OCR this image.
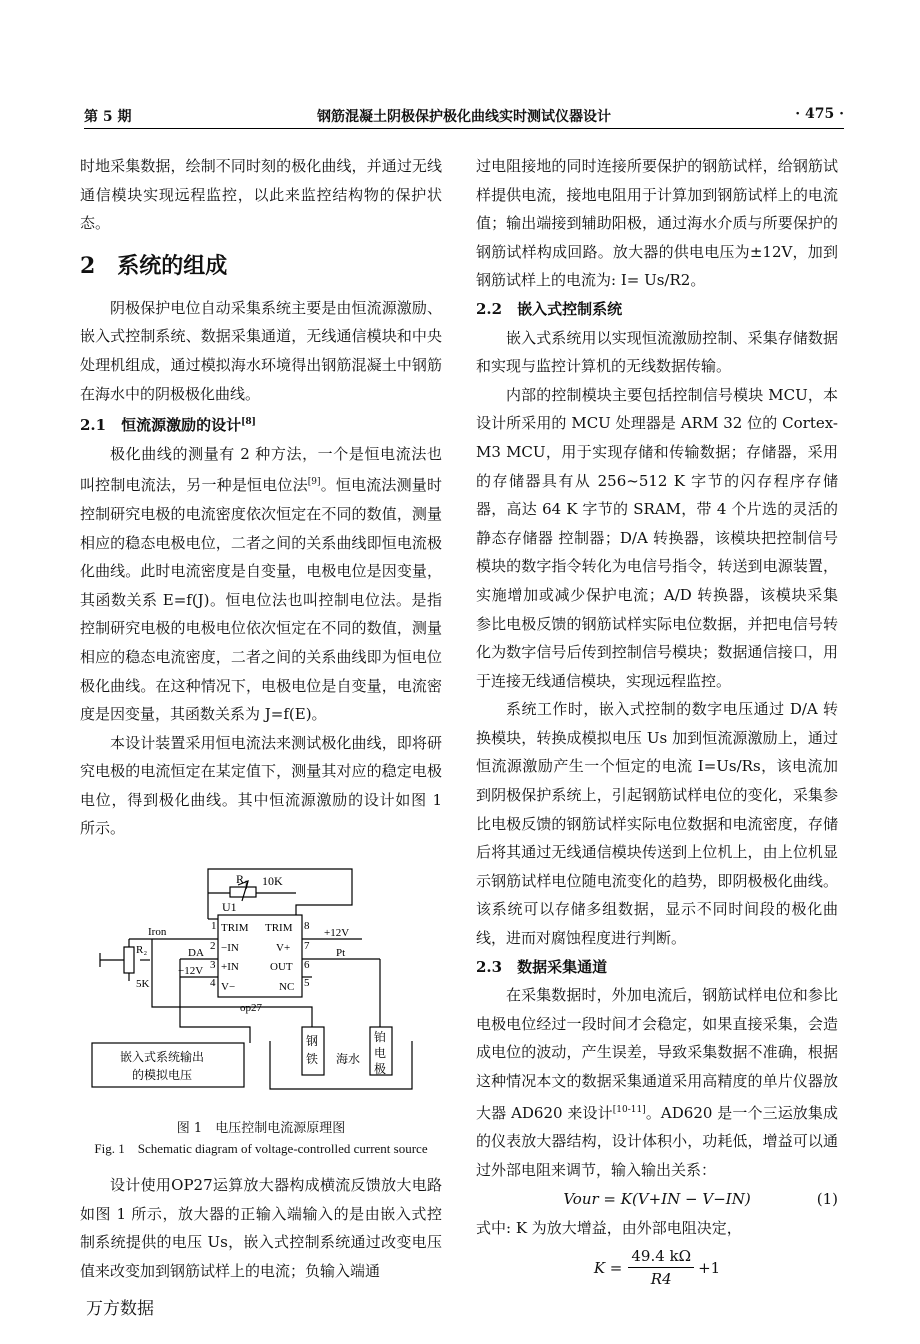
第 5 期	钢筋混凝土阴极保护极化曲线实时测试仪器设计	· 475 ·

时地采集数据，绘制不同时刻的极化曲线，并通过无线通信模块实现远程监控，以此来监控结构物的保护状态。

2　系统的组成

阴极保护电位自动采集系统主要是由恒流源激励、嵌入式控制系统、数据采集通道，无线通信模块和中央处理机组成，通过模拟海水环境得出钢筋混凝土中钢筋在海水中的阴极极化曲线。

2.1　恒流源激励的设计[8]

极化曲线的测量有 2 种方法，一个是恒电流法也叫控制电流法，另一种是恒电位法[9]。恒电流法测量时控制研究电极的电流密度依次恒定在不同的数值，测量相应的稳态电极电位，二者之间的关系曲线即恒电流极化曲线。此时电流密度是自变量，电极电位是因变量，其函数关系 E=f(J)。恒电位法也叫控制电位法。是指控制研究电极的电极电位依次恒定在不同的数值，测量相应的稳态电流密度，二者之间的关系曲线即为恒电位极化曲线。在这种情况下，电极电位是自变量，电流密度是因变量，其函数关系为 J=f(E)。

本设计装置采用恒电流法来测试极化曲线，即将研究电极的电流恒定在某定值下，测量其对应的稳定电极电位，得到极化曲线。其中恒流源激励的设计如图 1 所示。

R₁ 10K
U1
1	8
TRIM TRIM
2 −IN	V+ 7
+12V
Iron
R₂
5K
DA
3 +IN	OUT 6
Pt
−12V
4 V−	NC 5
op27
嵌入式系统输出
的模拟电压
钢
铁 海水
铂
电
极
图 1　电压控制电流源原理图
Fig. 1　Schematic diagram of voltage-controlled current source

设计使用OP27运算放大器构成横流反馈放大电路如图 1 所示，放大器的正输入端输入的是由嵌入式控制系统提供的电压 Us，嵌入式控制系统通过改变电压值来改变加到钢筋试样上的电流；负输入端通

过电阻接地的同时连接所要保护的钢筋试样，给钢筋试样提供电流，接地电阻用于计算加到钢筋试样上的电流值；输出端接到辅助阳极，通过海水介质与所要保护的钢筋试样构成回路。放大器的供电电压为±12V，加到钢筋试样上的电流为: I= Us/R2。

2.2　嵌入式控制系统

嵌入式系统用以实现恒流激励控制、采集存储数据和实现与监控计算机的无线数据传输。

内部的控制模块主要包括控制信号模块 MCU，本设计所采用的 MCU 处理器是 ARM 32 位的 Cortex-M3 MCU，用于实现存储和传输数据；存储器，采用的存储器具有从 256~512 K 字节的闪存程序存储器，高达 64 K 字节的 SRAM，带 4 个片选的灵活的静态存储器 控制器；D/A 转换器，该模块把控制信号模块的数字指令转化为电信号指令，转送到电源装置，实施增加或减少保护电流；A/D 转换器，该模块采集参比电极反馈的钢筋试样实际电位数据，并把电信号转化为数字信号后传到控制信号模块；数据通信接口，用于连接无线通信模块，实现远程监控。

系统工作时，嵌入式控制的数字电压通过 D/A 转换模块，转换成模拟电压 Us 加到恒流源激励上，通过恒流源激励产生一个恒定的电流 I=Us/Rs，该电流加到阴极保护系统上，引起钢筋试样电位的变化，采集参比电极反馈的钢筋试样实际电位数据和电流密度，存储后将其通过无线通信模块传送到上位机上，由上位机显示钢筋试样电位随电流变化的趋势，即阴极极化曲线。该系统可以存储多组数据，显示不同时间段的极化曲线，进而对腐蚀程度进行判断。

2.3　数据采集通道

在采集数据时，外加电流后，钢筋试样电位和参比电极电位经过一段时间才会稳定，如果直接采集，会造成电位的波动，产生误差，导致采集数据不准确，根据这种情况本文的数据采集通道采用高精度的单片仪器放大器 AD620 来设计[10-11]。AD620 是一个三运放集成的仪表放大器结构，设计体积小，功耗低，增益可以通过外部电阻来调节，输入输出关系：

Vour = K(V+IN − V−IN)	(1)

式中: K 为放大增益，由外部电阻决定，

$K = \frac{49.4 k\Omega}{R4} +1$
万方数据
